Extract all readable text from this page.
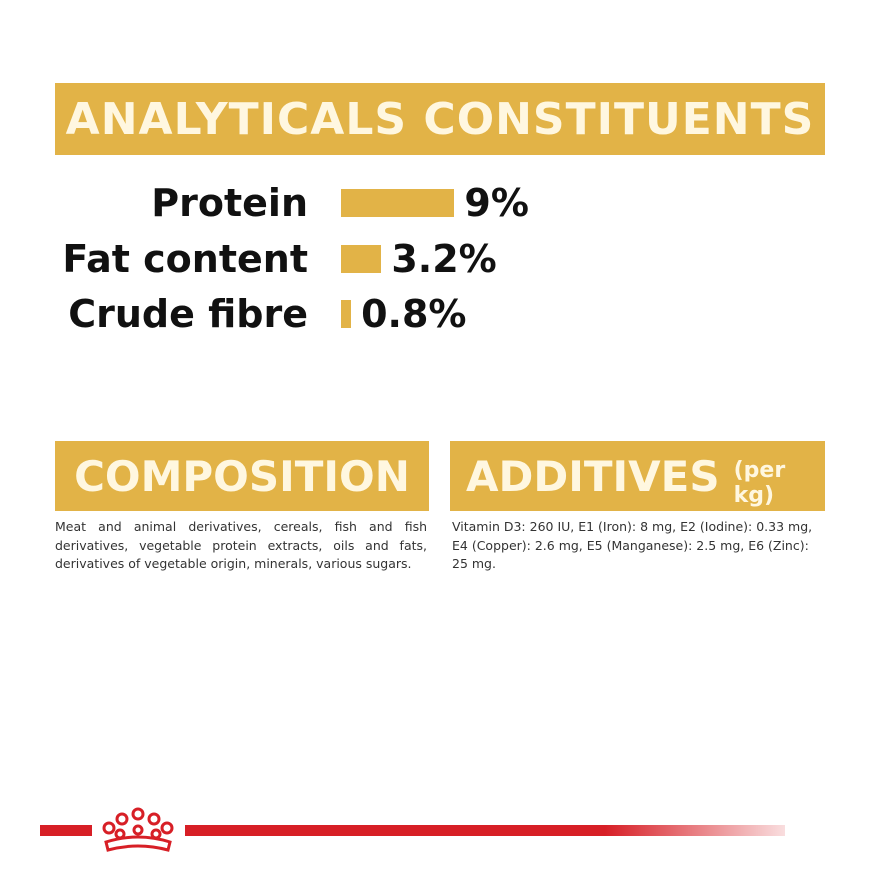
ANALYTICALS CONSTITUENTS
Protein	9%
Fat content 3.2%
Crude fibre 0.8%
COMPOSITION
Meat and animal derivatives, cereals, fish and fish derivatives, vegetable protein extracts, oils and fats, derivatives of vegetable origin, minerals, various sugars.
ADDITIVES (per kg)
Vitamin D3: 260 IU, E1 (Iron): 8 mg, E2 (Iodine): 0.33 mg, E4 (Copper): 2.6 mg, E5 (Manganese): 2.5 mg, E6 (Zinc): 25 mg.
